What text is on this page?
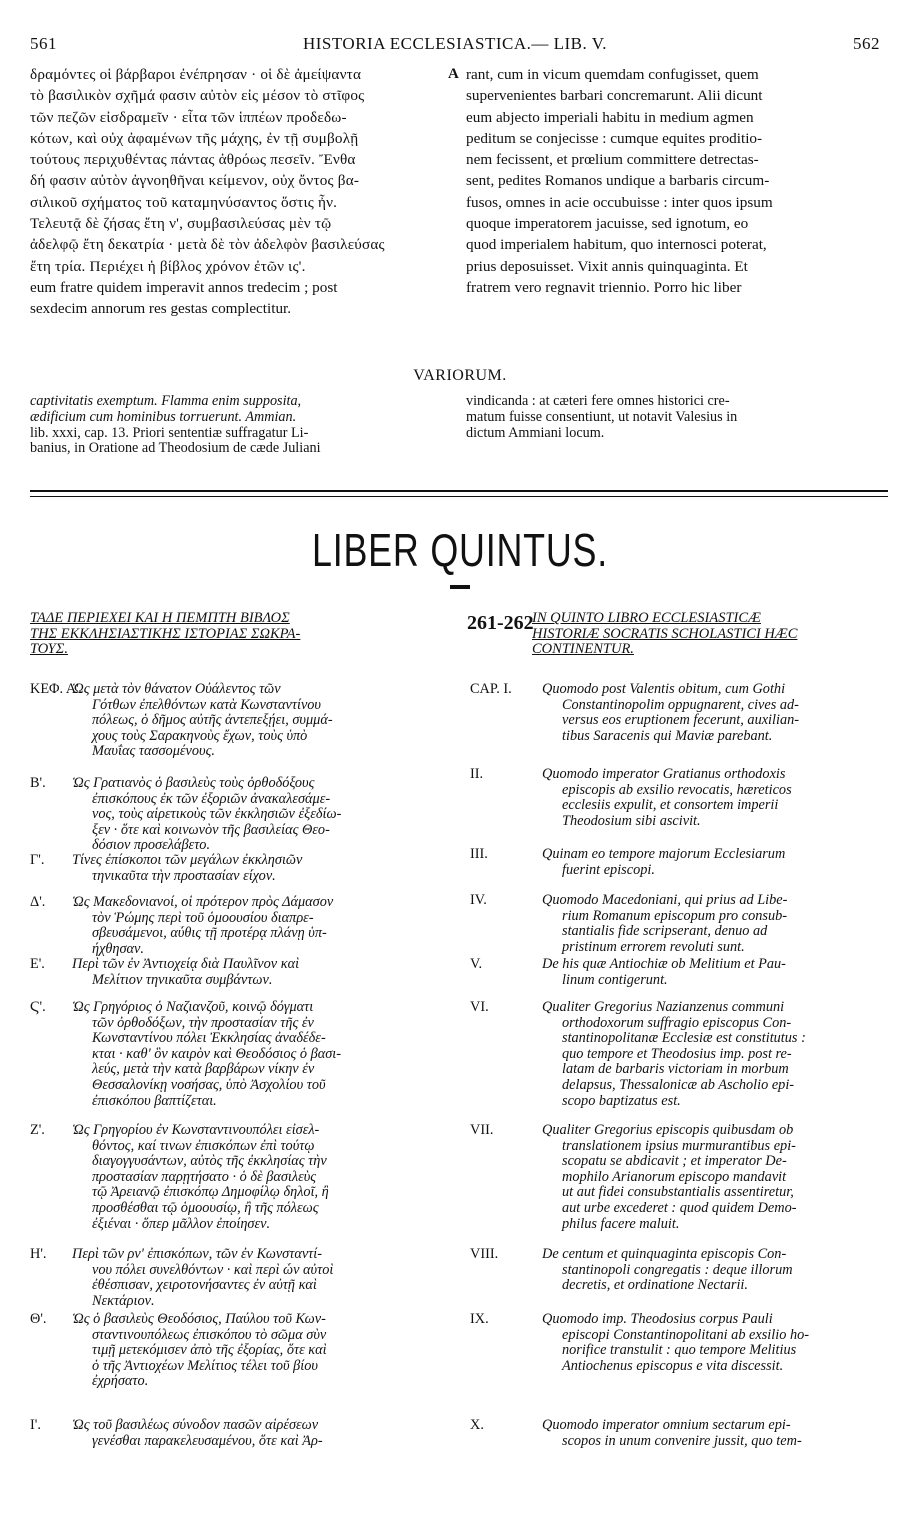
561	HISTORIA ECCLESIASTICA.— LIB. V.	562
δραμόντες οἱ βάρβαροι ἐνέπρησαν · οἱ δὲ ἀμείψαντα
τὸ βασιλικὸν σχῆμά φασιν αὐτὸν εἰς μέσον τὸ στῖφος
τῶν πεζῶν εἰσδραμεῖν · εἶτα τῶν ἱππέων προδεδω-
κότων, καὶ οὐχ ἀφαμένων τῆς μάχης, ἐν τῇ συμβολῇ
τούτους περιχυθέντας πάντας ἀθρόως πεσεῖν. Ἔνθα
δή φασιν αὐτὸν ἀγνοηθῆναι κείμενον, οὐχ ὄντος βα-
σιλικοῦ σχήματος τοῦ καταμηνύσαντος ὅστις ἦν.
Τελευτᾷ δὲ ζήσας ἔτη ν', συμβασιλεύσας μὲν τῷ
ἀδελφῷ ἔτη δεκατρία · μετὰ δὲ τὸν ἀδελφὸν βασιλεύσας
ἔτη τρία. Περιέχει ἡ βίβλος χρόνον ἐτῶν ις'.
eum fratre quidem imperavit annos tredecim ; post
sexdecim annorum res gestas complectitur.
A rant, cum in vicum quemdam confugisset, quem
supervenientes barbari concremarunt. Alii dicunt
eum abjecto imperiali habitu in medium agmen
peditum se conjecisse : cumque equites proditio-
nem fecissent, et prœlium committere detrectas-
sent, pedites Romanos undique a barbaris circum-
fusos, omnes in acie occubuisse : inter quos ipsum
quoque imperatorem jacuisse, sed ignotum, eo
quod imperialem habitum, quo internosci poterat,
prius deposuisset. Vixit annis quinquaginta. Et
fratrem vero regnavit triennio. Porro hic liber
VARIORUM.
captivitatis exemptum. Flamma enim supposita,
ædificium cum hominibus torruerunt. Ammian.
lib. xxxi, cap. 13. Priori sententiæ suffragatur Li-
banius, in Oratione ad Theodosium de cæde Juliani
vindicanda : at cæteri fere omnes historici cre-
matum fuisse consentiunt, ut notavit Valesius in
dictum Ammiani locum.
LIBER QUINTUS.
ΤΑΔΕ ΠΕΡΙΕΧΕΙ ΚΑΙ Η ΠΕΜΠΤΗ ΒΙΒΛΟΣ
ΤΗΣ ΕΚΚΛΗΣΙΑΣΤΙΚΗΣ ΙΣΤΟΡΙΑΣ ΣΩΚΡΑ-
ΤΟΥΣ.
261-262
IN QUINTO LIBRO ECCLESIASTICÆ
HISTORIÆ SOCRATIS SCHOLASTICI HÆC
CONTINENTUR.
ΚΕΦ. Α'.
Ὡς μετὰ τὸν θάνατον Οὐάλεντος τῶν
Γότθων ἐπελθόντων κατὰ Κωνσταντίνου
πόλεως, ὁ δῆμος αὐτῆς ἀντεπεξῄει, συμμά-
χους τοὺς Σαρακηνοὺς ἔχων, τοὺς ὑπὸ
Μαυΐας τασσομένους.
Β'. Ὡς Γρατιανὸς ὁ βασιλεὺς τοὺς ὀρθοδόξους
ἐπισκόπους ἐκ τῶν ἐξοριῶν ἀνακαλεσάμε-
νος, τοὺς αἱρετικοὺς τῶν ἐκκλησιῶν ἐξεδίω-
ξεν · ὅτε καὶ κοινωνὸν τῆς βασιλείας Θεο-
δόσιον προσελάβετο.
Γ'. Τίνες ἐπίσκοποι τῶν μεγάλων ἐκκλησιῶν
τηνικαῦτα τὴν προστασίαν εἶχον.
Δ'. Ὡς Μακεδονιανοί, οἱ πρότερον πρὸς Δάμασον
τὸν Ῥώμης περὶ τοῦ ὁμοουσίου διαπρε-
σβευσάμενοι, αὖθις τῇ προτέρᾳ πλάνῃ ὑπ-
ήχθησαν.
Ε'. Περὶ τῶν ἐν Ἀντιοχείᾳ διὰ Παυλῖνον καὶ
Μελίτιον τηνικαῦτα συμβάντων.
Ϛ'. Ὡς Γρηγόριος ὁ Ναζιανζοῦ, κοινῷ δόγματι
τῶν ὀρθοδόξων, τὴν προστασίαν τῆς ἐν
Κωνσταντίνου πόλει Ἐκκλησίας ἀναδέδε-
κται · καθ' ὃν καιρὸν καὶ Θεοδόσιος ὁ βασι-
λεύς, μετὰ τὴν κατὰ βαρβάρων νίκην ἐν
Θεσσαλονίκῃ νοσήσας, ὑπὸ Ἀσχολίου τοῦ
ἐπισκόπου βαπτίζεται.
Ζ'. Ὡς Γρηγορίου ἐν Κωνσταντινουπόλει εἰσελ-
θόντος, καί τινων ἐπισκόπων ἐπὶ τούτῳ
διαγογγυσάντων, αὐτὸς τῆς ἐκκλησίας τὴν
προστασίαν παρῃτήσατο · ὁ δὲ βασιλεὺς
τῷ Ἀρειανῷ ἐπισκόπῳ Δημοφίλῳ δηλοῖ, ἢ
προσθέσθαι τῷ ὁμοουσίῳ, ἢ τῆς πόλεως
ἐξιέναι · ὅπερ μᾶλλον ἐποίησεν.
Η'. Περὶ τῶν ρν' ἐπισκόπων, τῶν ἐν Κωνσταντί-
νου πόλει συνελθόντων · καὶ περὶ ὧν αὐτοὶ
ἐθέσπισαν, χειροτονήσαντες ἐν αὐτῇ καὶ
Νεκτάριον.
Θ'. Ὡς ὁ βασιλεὺς Θεοδόσιος, Παύλου τοῦ Κων-
σταντινουπόλεως ἐπισκόπου τὸ σῶμα σὺν
τιμῇ μετεκόμισεν ἀπὸ τῆς ἐξορίας, ὅτε καὶ
ὁ τῆς Ἀντιοχέων Μελίτιος τέλει τοῦ βίου
ἐχρήσατο.
Ι'. Ὡς τοῦ βασιλέως σύνοδον πασῶν αἱρέσεων
γενέσθαι παρακελευσαμένου, ὅτε καὶ Ἀρ-
CAP. I. Quomodo post Valentis obitum, cum Gothi
Constantinopolim oppugnarent, cives ad-
versus eos eruptionem fecerunt, auxilian-
tibus Saracenis qui Maviæ parebant.
II.	Quomodo imperator Gratianus orthodoxis
episcopis ab exsilio revocatis, hæreticos
ecclesiis expulit, et consortem imperii
Theodosium sibi ascivit.
III.	Quinam eo tempore majorum Ecclesiarum
fuerint episcopi.
IV.	Quomodo Macedoniani, qui prius ad Libe-
rium Romanum episcopum pro consub-
stantialis fide scripserant, denuo ad
pristinum errorem revoluti sunt.
V.	De his quæ Antiochiæ ob Melitium et Pau-
linum contigerunt.
VI.	Qualiter Gregorius Nazianzenus communi
orthodoxorum suffragio episcopus Con-
stantinopolitanæ Ecclesiæ est constitutus :
quo tempore et Theodosius imp. post re-
latam de barbaris victoriam in morbum
delapsus, Thessalonicæ ab Ascholio epi-
scopo baptizatus est.
VII.	Qualiter Gregorius episcopis quibusdam ob
translationem ipsius murmurantibus epi-
scopatu se abdicavit ; et imperator De-
mophilo Arianorum episcopo mandavit
ut aut fidei consubstantialis assentiretur,
aut urbe excederet : quod quidem Demo-
philus facere maluit.
VIII.	De centum et quinquaginta episcopis Con-
stantinopoli congregatis : deque illorum
decretis, et ordinatione Nectarii.
IX.	Quomodo imp. Theodosius corpus Pauli
episcopi Constantinopolitani ab exsilio ho-
norifice transtulit : quo tempore Melitius
Antiochenus episcopus e vita discessit.
X.	Quomodo imperator omnium sectarum epi-
scopos in unum convenire jussit, quo tem-
